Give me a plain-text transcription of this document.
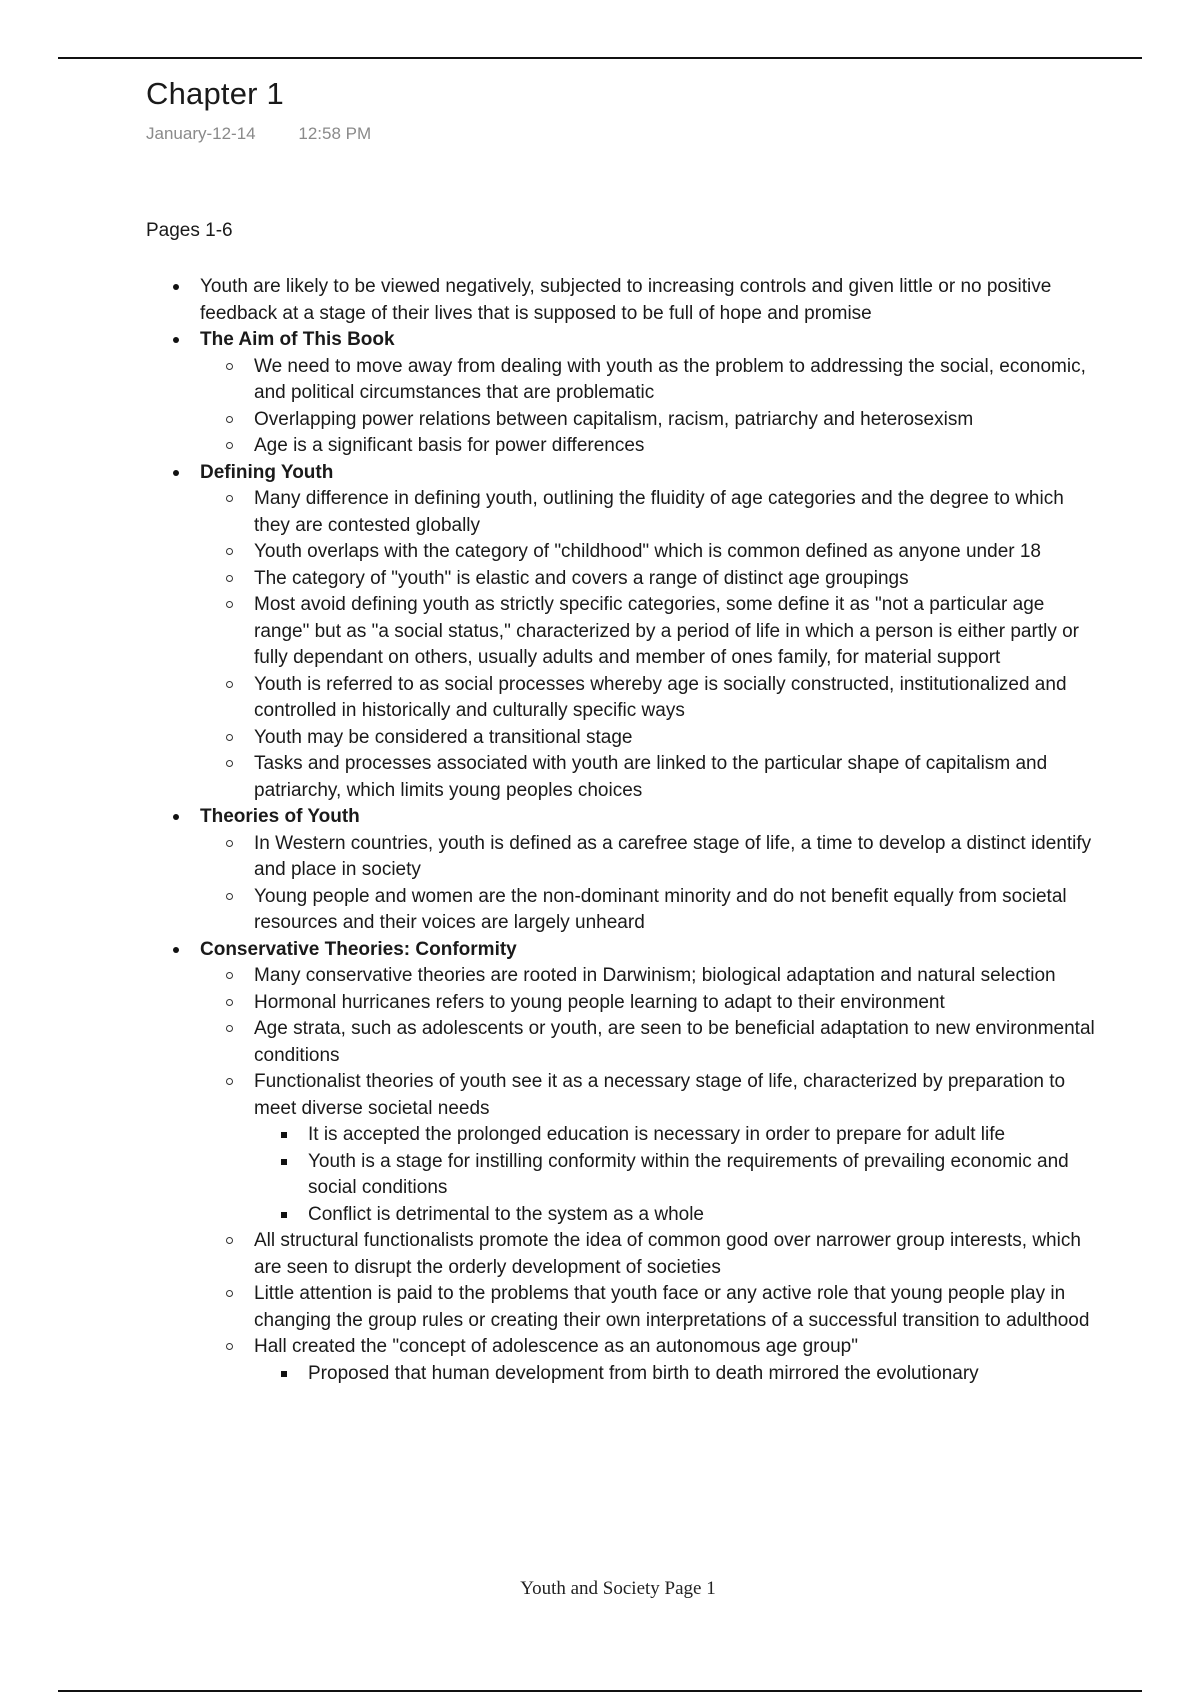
Chapter 1
January-12-14	12:58 PM
Pages 1-6
Youth are likely to be viewed negatively, subjected to increasing controls and given little or no positive feedback at a stage of their lives that is supposed to be full of hope and promise
The Aim of This Book
We need to move away from dealing with youth as the problem to addressing the social, economic, and political circumstances that are problematic
Overlapping power relations between capitalism, racism, patriarchy and heterosexism
Age is a significant basis for power differences
Defining Youth
Many difference in defining youth, outlining the fluidity of age categories and the degree to which they are contested globally
Youth overlaps with the category of "childhood" which is common defined as anyone under 18
The category of "youth" is elastic and covers a range of distinct age groupings
Most avoid defining youth as strictly specific categories, some define it as "not a particular age range" but as "a social status," characterized by a period of life in which a person is either partly or fully dependant on others, usually adults and member of ones family, for material support
Youth is referred to as social processes whereby age is socially constructed, institutionalized and controlled in historically and culturally specific ways
Youth may be considered a transitional stage
Tasks and processes associated with youth are linked to the particular shape of capitalism and patriarchy, which limits young peoples choices
Theories of Youth
In Western countries, youth is defined as a carefree stage of life, a time to develop a distinct identify and place in society
Young people and women are the non-dominant minority and do not benefit equally from societal resources and their voices are largely unheard
Conservative Theories: Conformity
Many conservative theories are rooted in Darwinism; biological adaptation and natural selection
Hormonal hurricanes refers to young people learning to adapt to their environment
Age strata, such as adolescents or youth, are seen to be beneficial adaptation to new environmental conditions
Functionalist theories of youth see it as a necessary stage of life, characterized by preparation to meet diverse societal needs
It is accepted the prolonged education is necessary in order to prepare for adult life
Youth is a stage for instilling conformity within the requirements of prevailing economic and social conditions
Conflict is detrimental to the system as a whole
All structural functionalists promote the idea of common good over narrower group interests, which are seen to disrupt the orderly development of societies
Little attention is paid to the problems that youth face or any active role that young people play in changing the group rules or creating their own interpretations of a successful transition to adulthood
Hall created the "concept of adolescence as an autonomous age group"
Proposed that human development from birth to death mirrored the evolutionary
Youth and Society Page 1
